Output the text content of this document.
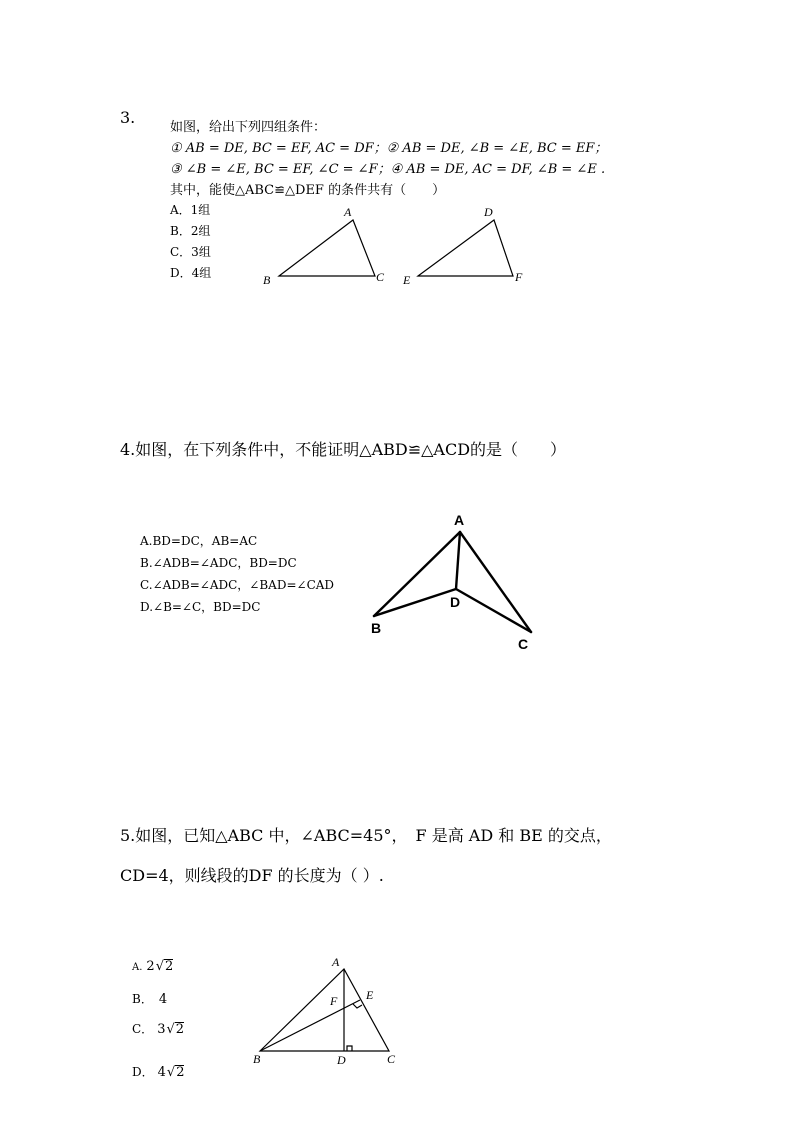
3.
如图，给出下列四组条件：
① AB = DE, BC = EF, AC = DF；② AB = DE, ∠B = ∠E, BC = EF；
③ ∠B = ∠E, BC = EF, ∠C = ∠F；④ AB = DE, AC = DF, ∠B = ∠E .
其中，能使△ABC≌△DEF 的条件共有（　　）
A．1组
B．2组
C．3组
D．4组
A
B	C
D
E	F
4.如图，在下列条件中，不能证明△ABD≌△ACD的是（　　）
A.BD=DC，AB=AC
B.∠ADB=∠ADC，BD=DC
C.∠ADB=∠ADC，∠BAD=∠CAD
D.∠B=∠C，BD=DC
A
B
C
D
5.如图，已知△ABC 中，∠ABC=45°，　F 是高 AD 和 BE 的交点，
CD=4，则线段的DF 的长度为（ ）.
A. 2√2
B． 4
C． 3√2
D． 4√2
A
B	C
D
E
F
